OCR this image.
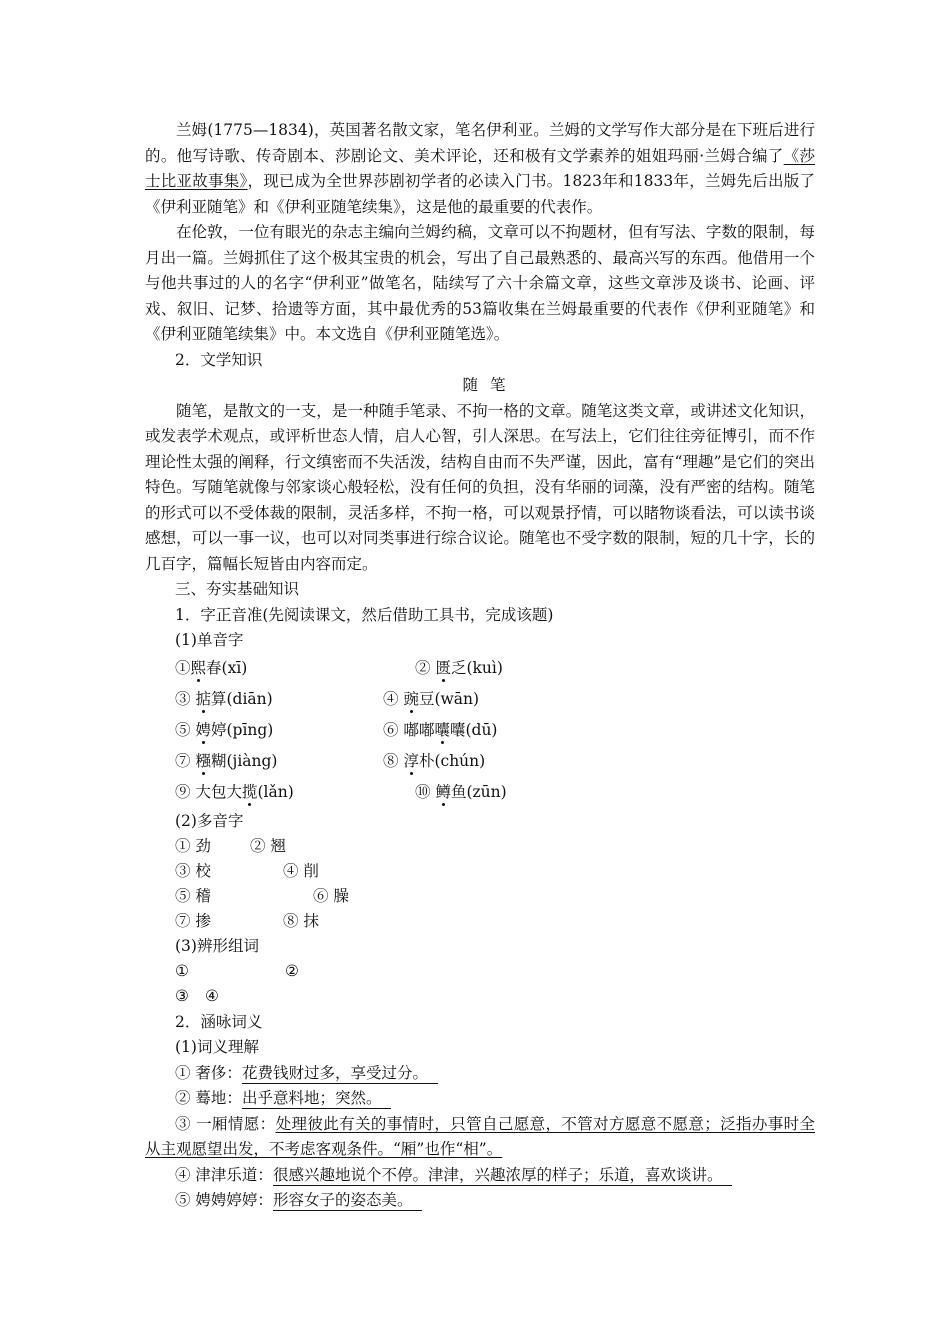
兰姆(1775—1834)，英国著名散文家，笔名伊利亚。兰姆的文学写作大部分是在下班后进行的。他写诗歌、传奇剧本、莎剧论文、美术评论，还和极有文学素养的姐姐玛丽·兰姆合编了《莎士比亚故事集》，现已成为全世界莎剧初学者的必读入门书。1823年和1833年，兰姆先后出版了《伊利亚随笔》和《伊利亚随笔续集》，这是他的最重要的代表作。

在伦敦，一位有眼光的杂志主编向兰姆约稿，文章可以不拘题材，但有写法、字数的限制，每月出一篇。兰姆抓住了这个极其宝贵的机会，写出了自己最熟悉的、最高兴写的东西。他借用一个与他共事过的人的名字“伊利亚”做笔名，陆续写了六十余篇文章，这些文章涉及谈书、论画、评戏、叙旧、记梦、拾遗等方面，其中最优秀的53篇收集在兰姆最重要的代表作《伊利亚随笔》和《伊利亚随笔续集》中。本文选自《伊利亚随笔选》。

2．文学知识

随笔

随笔，是散文的一支，是一种随手笔录、不拘一格的文章。随笔这类文章，或讲述文化知识，或发表学术观点，或评析世态人情，启人心智，引人深思。在写法上，它们往往旁征博引，而不作理论性太强的阐释，行文缜密而不失活泼，结构自由而不失严谨，因此，富有“理趣”是它们的突出特色。写随笔就像与邻家谈心般轻松，没有任何的负担，没有华丽的词藻，没有严密的结构。随笔的形式可以不受体裁的限制，灵活多样，不拘一格，可以观景抒情，可以睹物谈看法，可以读书谈感想，可以一事一议，也可以对同类事进行综合议论。随笔也不受字数的限制，短的几十字，长的几百字，篇幅长短皆由内容而定。

三、夯实基础知识

1．字正音准(先阅读课文，然后借助工具书，完成该题)

(1)单音字

①熙春(xī)	② 匮乏(kuì)
③ 掂算(diān)	④ 豌豆(wān)
⑤ 娉婷(pīng)	⑥ 嘟嘟囔囔(dū)
⑦ 糨糊(jiàng)	⑧ 淳朴(chún)
⑨ 大包大揽(lǎn)	⑩ 鳟鱼(zūn)

(2)多音字

① 劲	② 翘
③ 校	④ 削
⑤ 稽	⑥ 臊
⑦ 掺	⑧ 抹

(3)辨形组词

①	②
③	④

2．涵咏词义

(1)词义理解

① 奢侈：花费钱财过多，享受过分。

② 蓦地：出乎意料地；突然。

③ 一厢情愿：处理彼此有关的事情时，只管自己愿意，不管对方愿意不愿意；泛指办事时全从主观愿望出发，不考虑客观条件。“厢”也作“相”。

④ 津津乐道：很感兴趣地说个不停。津津，兴趣浓厚的样子；乐道，喜欢谈讲。

⑤ 娉娉婷婷：形容女子的姿态美。
